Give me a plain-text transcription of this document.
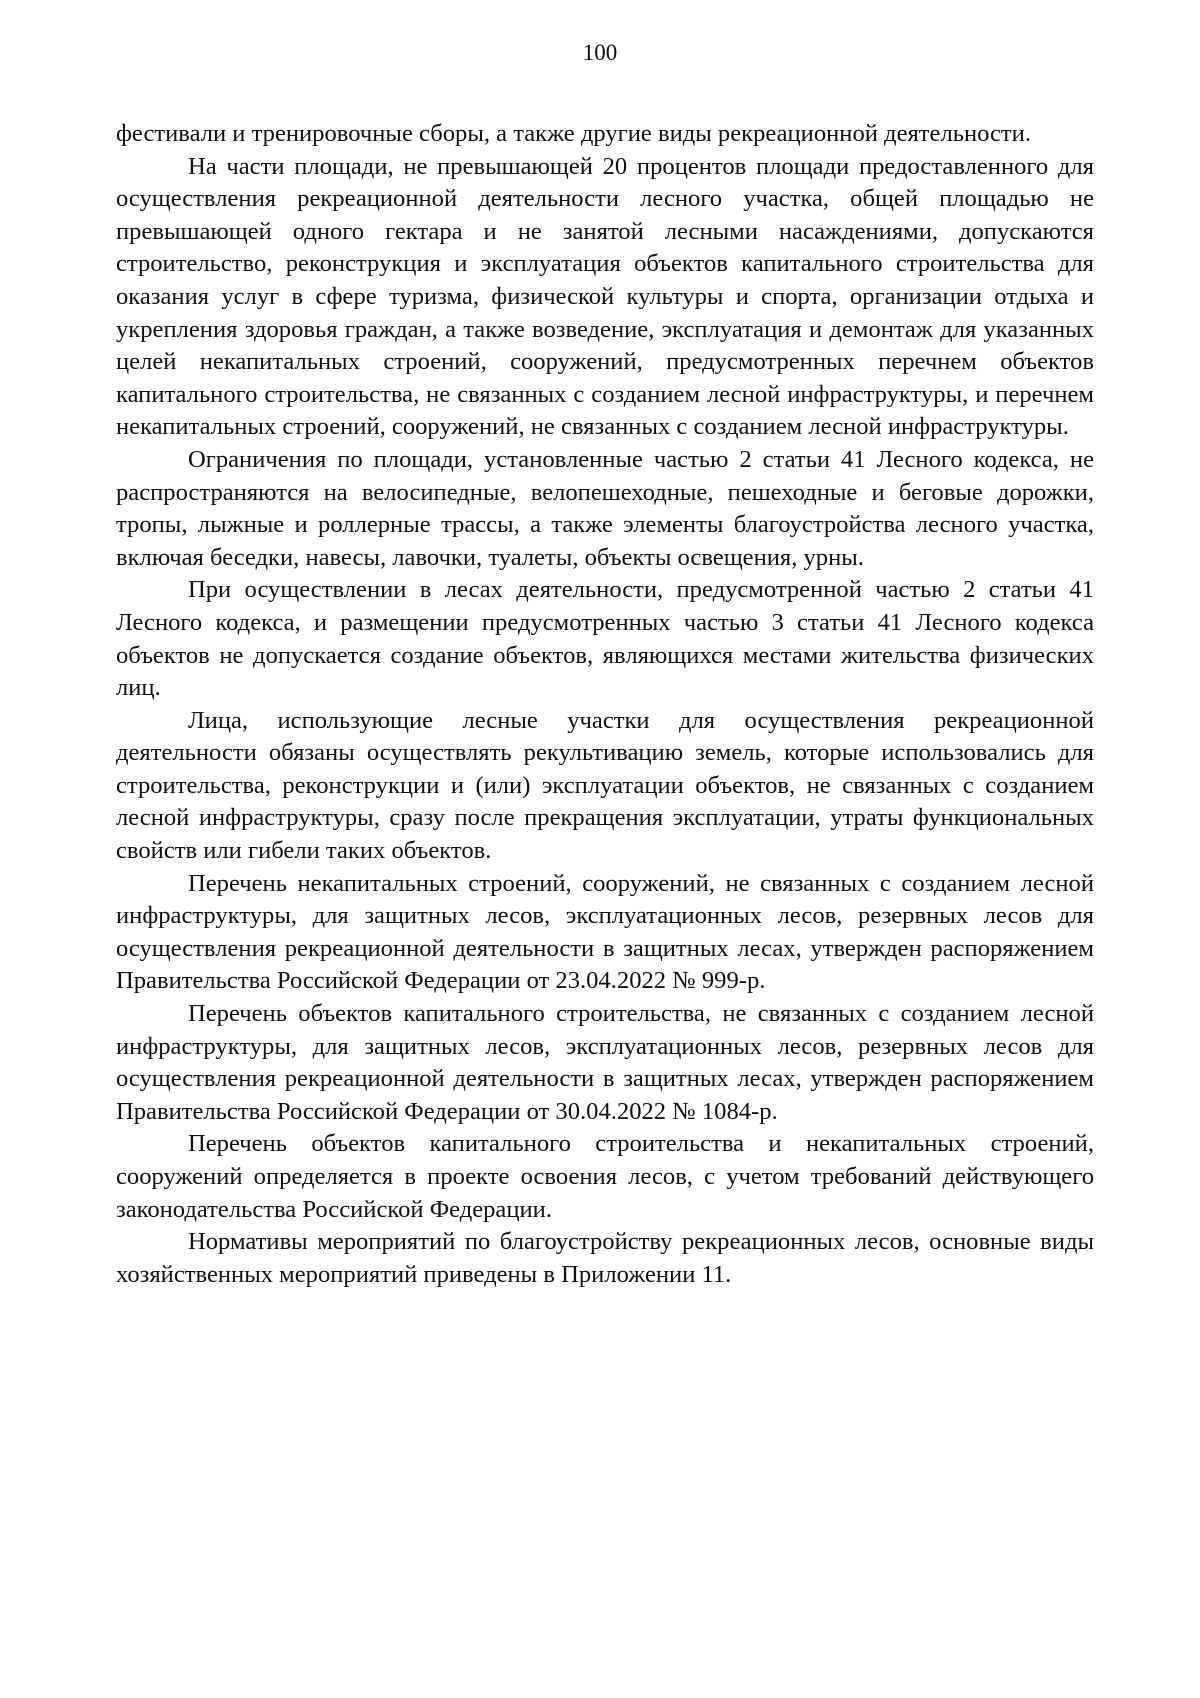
100

фестивали и тренировочные сборы, а также другие виды рекреационной деятельности.

На части площади, не превышающей 20 процентов площади предоставленного для осуществления рекреационной деятельности лесного участка, общей площадью не превышающей одного гектара и не занятой лесными насаждениями, допускаются строительство, реконструкция и эксплуатация объектов капитального строительства для оказания услуг в сфере туризма, физической культуры и спорта, организации отдыха и укрепления здоровья граждан, а также возведение, эксплуатация и демонтаж для указанных целей некапитальных строений, сооружений, предусмотренных перечнем объектов капитального строительства, не связанных с созданием лесной инфраструктуры, и перечнем некапитальных строений, сооружений, не связанных с созданием лесной инфраструктуры.

Ограничения по площади, установленные частью 2 статьи 41 Лесного кодекса, не распространяются на велосипедные, велопешеходные, пешеходные и беговые дорожки, тропы, лыжные и роллерные трассы, а также элементы благоустройства лесного участка, включая беседки, навесы, лавочки, туалеты, объекты освещения, урны.

При осуществлении в лесах деятельности, предусмотренной частью 2 статьи 41 Лесного кодекса, и размещении предусмотренных частью 3 статьи 41 Лесного кодекса объектов не допускается создание объектов, являющихся местами жительства физических лиц.

Лица, использующие лесные участки для осуществления рекреационной деятельности обязаны осуществлять рекультивацию земель, которые использовались для строительства, реконструкции и (или) эксплуатации объектов, не связанных с созданием лесной инфраструктуры, сразу после прекращения эксплуатации, утраты функциональных свойств или гибели таких объектов.

Перечень некапитальных строений, сооружений, не связанных с созданием лесной инфраструктуры, для защитных лесов, эксплуатационных лесов, резервных лесов для осуществления рекреационной деятельности в защитных лесах, утвержден распоряжением Правительства Российской Федерации от 23.04.2022 № 999-р.

Перечень объектов капитального строительства, не связанных с созданием лесной инфраструктуры, для защитных лесов, эксплуатационных лесов, резервных лесов для осуществления рекреационной деятельности в защитных лесах, утвержден распоряжением Правительства Российской Федерации от 30.04.2022 № 1084-р.

Перечень объектов капитального строительства и некапитальных строений, сооружений определяется в проекте освоения лесов, с учетом требований действующего законодательства Российской Федерации.

Нормативы мероприятий по благоустройству рекреационных лесов, основные виды хозяйственных мероприятий приведены в Приложении 11.
